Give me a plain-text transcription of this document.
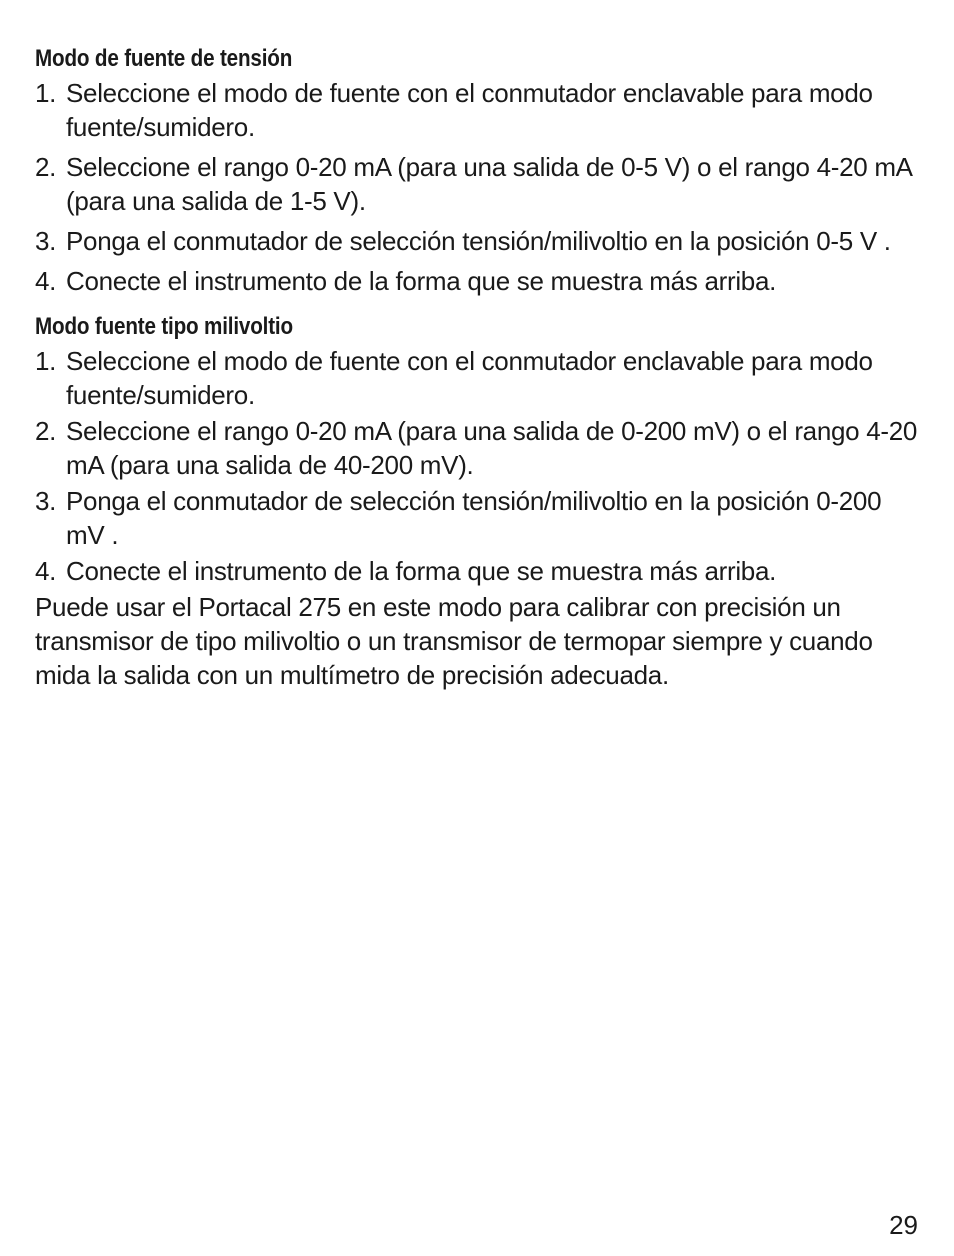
Modo de fuente de tensión
1. Seleccione el modo de fuente con el conmutador enclavable para modo fuente/sumidero.
2. Seleccione el rango 0-20 mA (para una salida de 0-5 V) o el rango 4-20 mA (para una salida de 1-5 V).
3. Ponga el conmutador de selección tensión/milivoltio en la posición 0-5 V .
4. Conecte el instrumento de la forma que se muestra más arriba.
Modo fuente tipo milivoltio
1. Seleccione el modo de fuente con el conmutador enclavable para modo fuente/sumidero.
2. Seleccione el rango 0-20 mA (para una salida de 0-200 mV) o el rango 4-20 mA (para una salida de 40-200 mV).
3. Ponga el conmutador de selección tensión/milivoltio en la posición 0-200 mV .
4. Conecte el instrumento de la forma que se muestra más arriba.

Puede usar el Portacal 275 en este modo para calibrar con precisión un transmisor de tipo milivoltio o un transmisor de termopar siempre y cuando mida la salida con un multímetro de precisión adecuada.

29
